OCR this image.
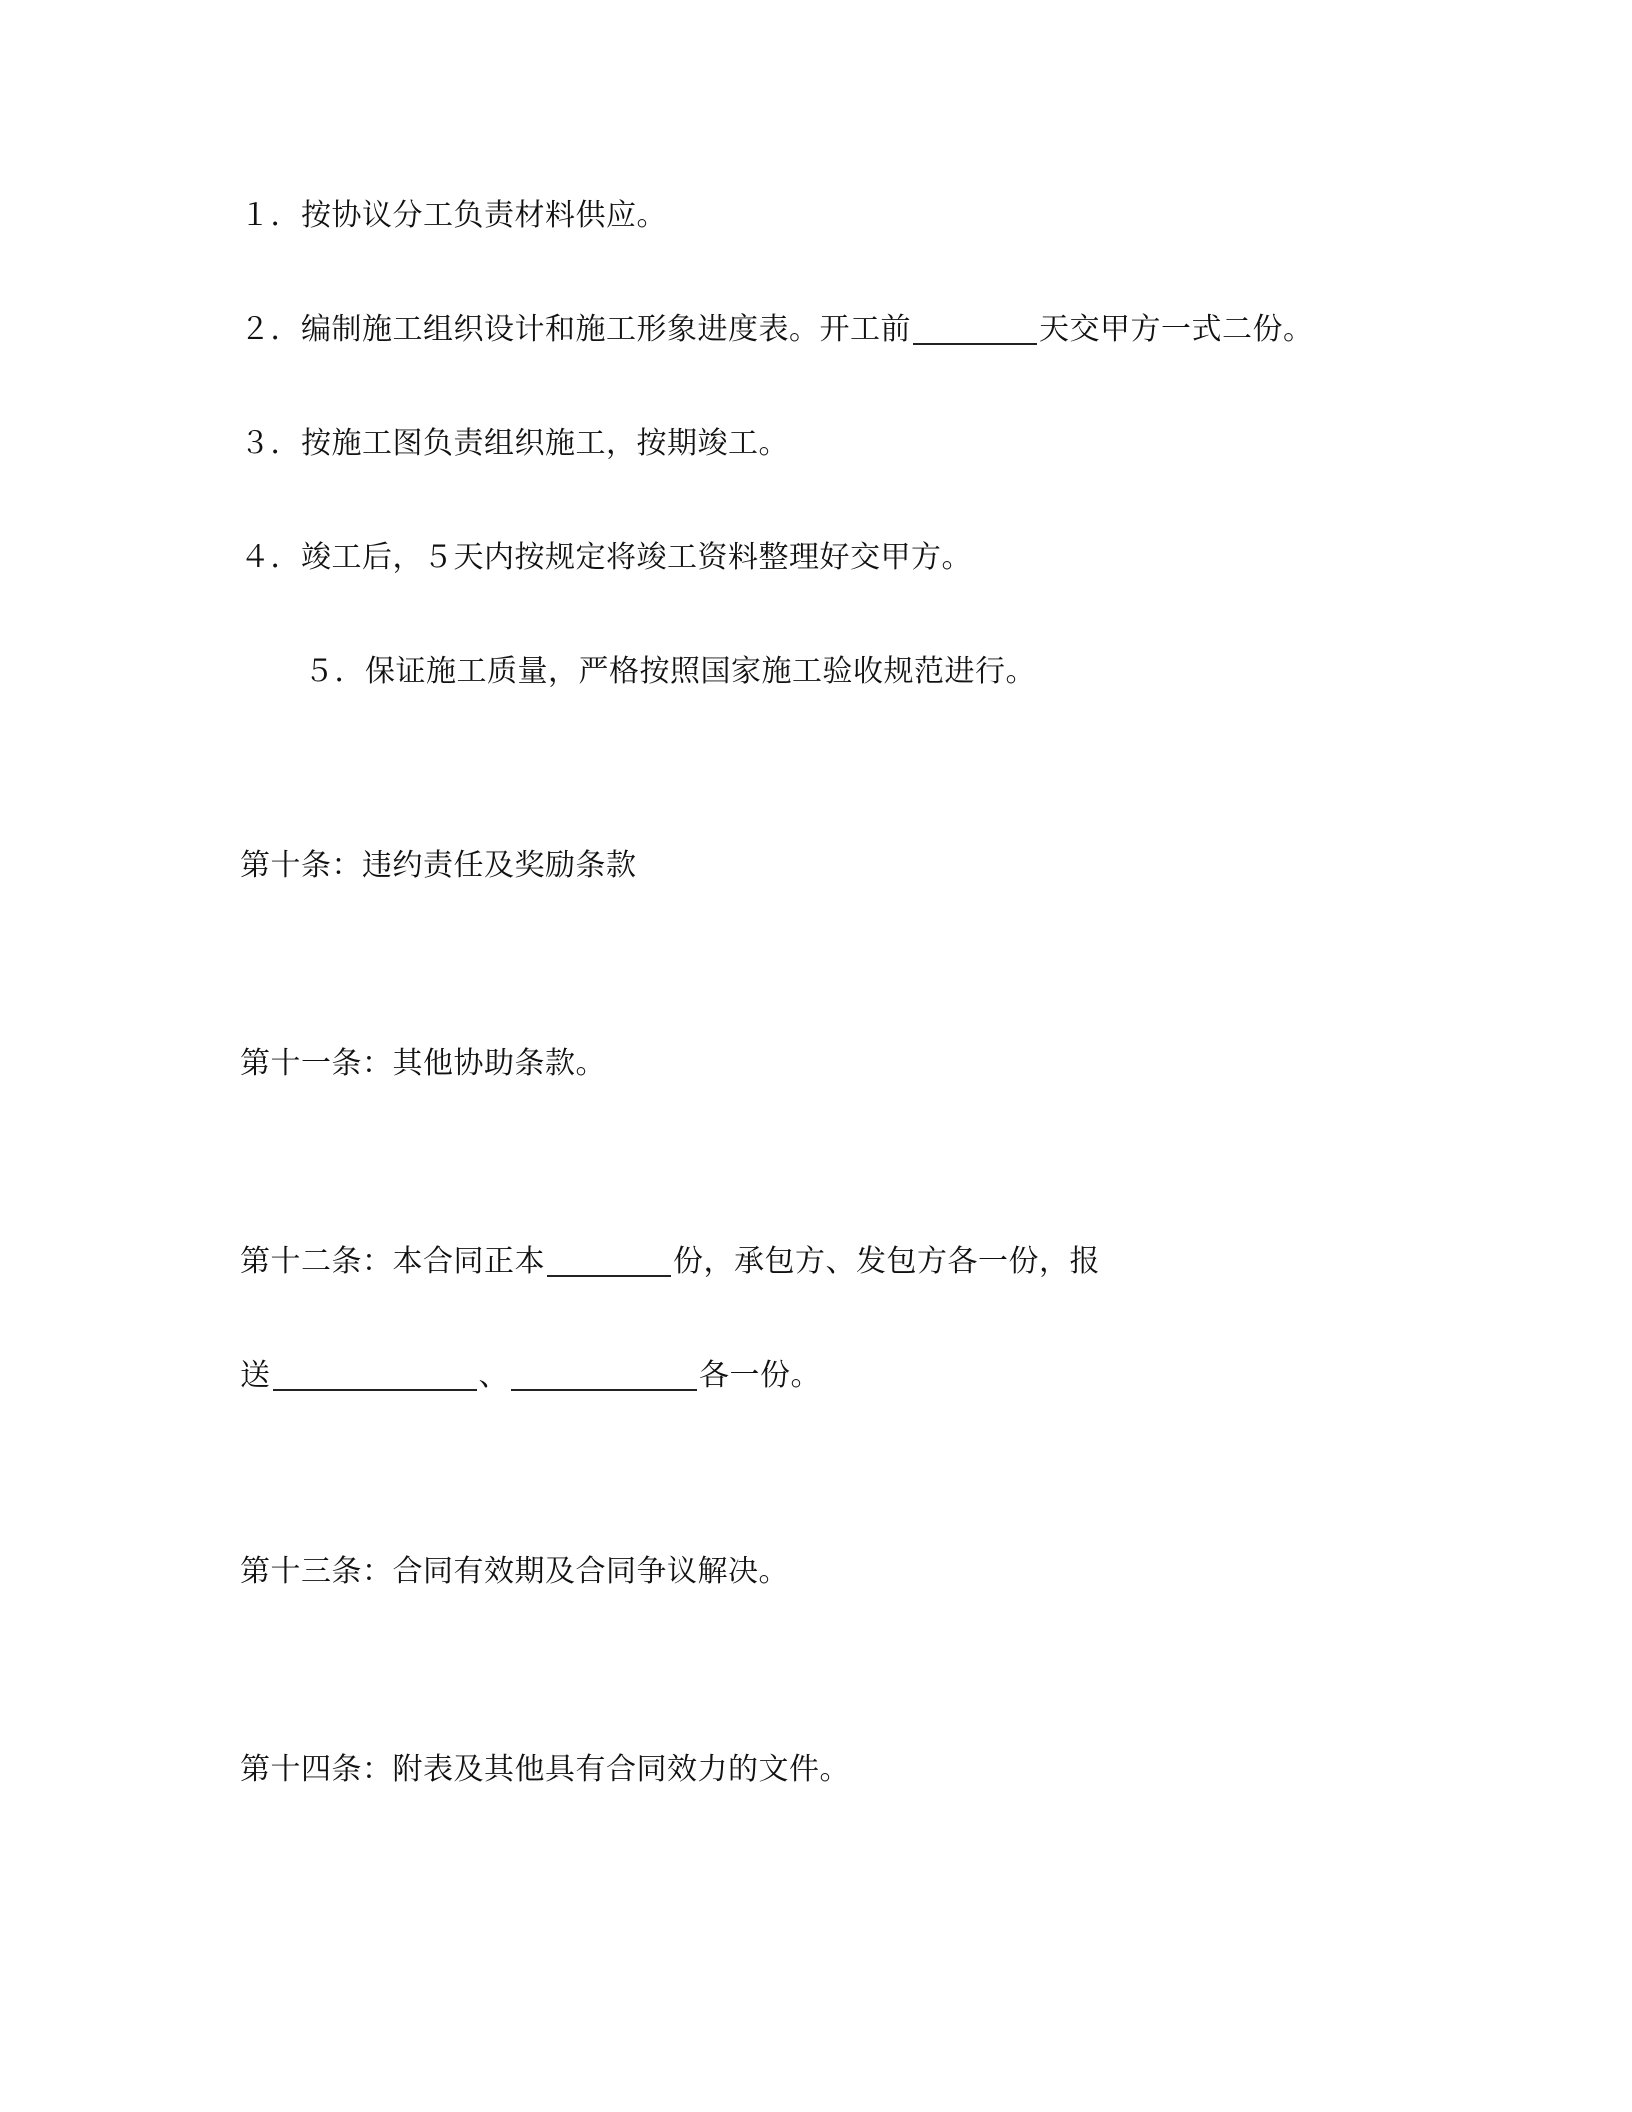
１．按协议分工负责材料供应。
２．编制施工组织设计和施工形象进度表。开工前	天交甲方一式二份。
３．按施工图负责组织施工，按期竣工。
４．竣工后，５天内按规定将竣工资料整理好交甲方。
５．保证施工质量，严格按照国家施工验收规范进行。
第十条：违约责任及奖励条款
第十一条：其他协助条款。
第十二条：本合同正本	份，承包方、发包方各一份，报
送	、	各一份。
第十三条：合同有效期及合同争议解决。
第十四条：附表及其他具有合同效力的文件。
